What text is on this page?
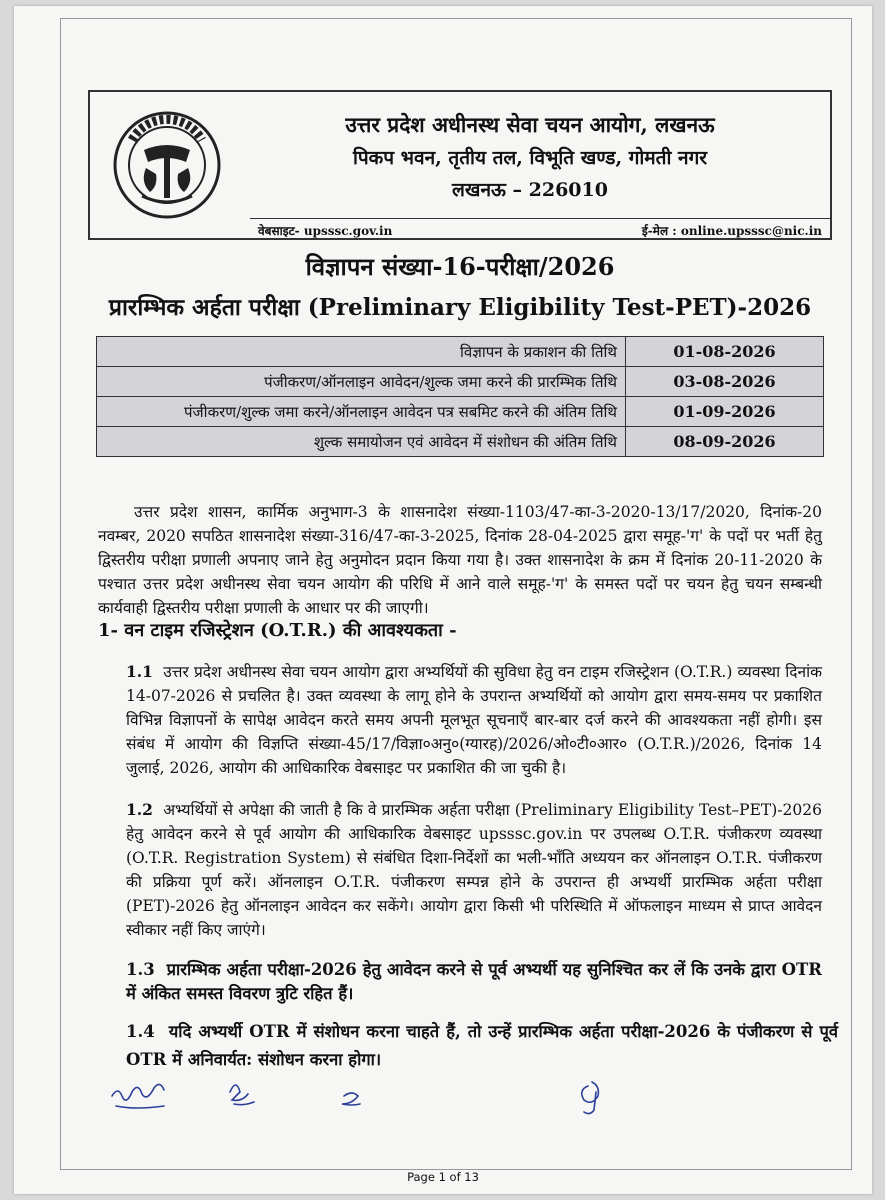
उत्तर प्रदेश अधीनस्थ सेवा चयन आयोग, लखनऊ
पिकप भवन, तृतीय तल, विभूति खण्ड, गोमती नगर
लखनऊ – 226010
वेबसाइट- upsssc.gov.in	ई-मेल : online.upsssc@nic.in
विज्ञापन संख्या-16-परीक्षा/2026
प्रारम्भिक अर्हता परीक्षा (Preliminary Eligibility Test-PET)-2026
विज्ञापन के प्रकाशन की तिथि	01-08-2026
पंजीकरण/ऑनलाइन आवेदन/शुल्क जमा करने की प्रारम्भिक तिथि	03-08-2026
पंजीकरण/शुल्क जमा करने/ऑनलाइन आवेदन पत्र सबमिट करने की अंतिम तिथि	01-09-2026
शुल्क समायोजन एवं आवेदन में संशोधन की अंतिम तिथि	08-09-2026
उत्तर प्रदेश शासन, कार्मिक अनुभाग-3 के शासनादेश संख्या-1103/47-का-3-2020-13/17/2020, दिनांक-20 नवम्बर, 2020 सपठित शासनादेश संख्या-316/47-का-3-2025, दिनांक 28-04-2025 द्वारा समूह-'ग' के पदों पर भर्ती हेतु द्विस्तरीय परीक्षा प्रणाली अपनाए जाने हेतु अनुमोदन प्रदान किया गया है। उक्त शासनादेश के क्रम में दिनांक 20-11-2020 के पश्चात उत्तर प्रदेश अधीनस्थ सेवा चयन आयोग की परिधि में आने वाले समूह-'ग' के समस्त पदों पर चयन हेतु चयन सम्बन्धी कार्यवाही द्विस्तरीय परीक्षा प्रणाली के आधार पर की जाएगी।
1- वन टाइम रजिस्ट्रेशन (O.T.R.) की आवश्यकता -
1.1 उत्तर प्रदेश अधीनस्थ सेवा चयन आयोग द्वारा अभ्यर्थियों की सुविधा हेतु वन टाइम रजिस्ट्रेशन (O.T.R.) व्यवस्था दिनांक 14-07-2026 से प्रचलित है। उक्त व्यवस्था के लागू होने के उपरान्त अभ्यर्थियों को आयोग द्वारा समय-समय पर प्रकाशित विभिन्न विज्ञापनों के सापेक्ष आवेदन करते समय अपनी मूलभूत सूचनाएँ बार-बार दर्ज करने की आवश्यकता नहीं होगी। इस संबंध में आयोग की विज्ञप्ति संख्या-45/17/विज्ञा०अनु०(ग्यारह)/2026/ओ०टी०आर० (O.T.R.)/2026, दिनांक 14 जुलाई, 2026, आयोग की आधिकारिक वेबसाइट पर प्रकाशित की जा चुकी है।
1.2 अभ्यर्थियों से अपेक्षा की जाती है कि वे प्रारम्भिक अर्हता परीक्षा (Preliminary Eligibility Test–PET)-2026 हेतु आवेदन करने से पूर्व आयोग की आधिकारिक वेबसाइट upsssc.gov.in पर उपलब्ध O.T.R. पंजीकरण व्यवस्था (O.T.R. Registration System) से संबंधित दिशा-निर्देशों का भली-भाँति अध्ययन कर ऑनलाइन O.T.R. पंजीकरण की प्रक्रिया पूर्ण करें। ऑनलाइन O.T.R. पंजीकरण सम्पन्न होने के उपरान्त ही अभ्यर्थी प्रारम्भिक अर्हता परीक्षा (PET)-2026 हेतु ऑनलाइन आवेदन कर सकेंगे। आयोग द्वारा किसी भी परिस्थिति में ऑफलाइन माध्यम से प्राप्त आवेदन स्वीकार नहीं किए जाएंगे।
1.3 प्रारम्भिक अर्हता परीक्षा-2026 हेतु आवेदन करने से पूर्व अभ्यर्थी यह सुनिश्चित कर लें कि उनके द्वारा OTR में अंकित समस्त विवरण त्रुटि रहित हैं।
1.4 यदि अभ्यर्थी OTR में संशोधन करना चाहते हैं, तो उन्हें प्रारम्भिक अर्हता परीक्षा-2026 के पंजीकरण से पूर्व OTR में अनिवार्यत: संशोधन करना होगा।
Page 1 of 13
